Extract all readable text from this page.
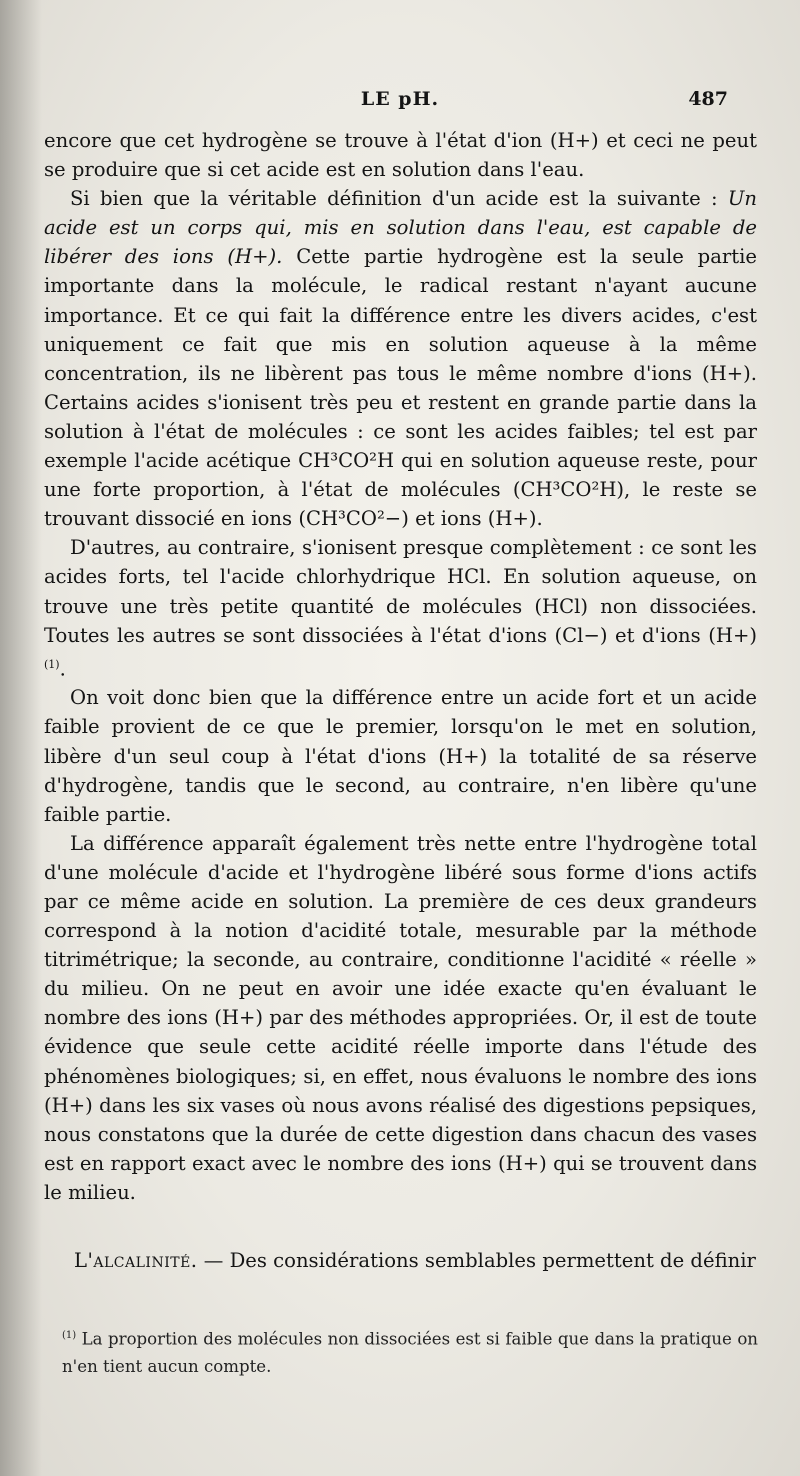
LE pH.	487

encore que cet hydrogène se trouve à l'état d'ion (H+) et ceci ne peut se produire que si cet acide est en solution dans l'eau.

Si bien que la véritable définition d'un acide est la suivante : Un acide est un corps qui, mis en solution dans l'eau, est capable de libérer des ions (H+). Cette partie hydrogène est la seule partie importante dans la molécule, le radical restant n'ayant aucune importance. Et ce qui fait la différence entre les divers acides, c'est uniquement ce fait que mis en solution aqueuse à la même concentration, ils ne libèrent pas tous le même nombre d'ions (H+). Certains acides s'ionisent très peu et restent en grande partie dans la solution à l'état de molécules : ce sont les acides faibles; tel est par exemple l'acide acétique CH³CO²H qui en solution aqueuse reste, pour une forte proportion, à l'état de molécules (CH³CO²H), le reste se trouvant dissocié en ions (CH³CO²−) et ions (H+).

D'autres, au contraire, s'ionisent presque complètement : ce sont les acides forts, tel l'acide chlorhydrique HCl. En solution aqueuse, on trouve une très petite quantité de molécules (HCl) non dissociées. Toutes les autres se sont dissociées à l'état d'ions (Cl−) et d'ions (H+)$^{(1)}$.

On voit donc bien que la différence entre un acide fort et un acide faible provient de ce que le premier, lorsqu'on le met en solution, libère d'un seul coup à l'état d'ions (H+) la totalité de sa réserve d'hydrogène, tandis que le second, au contraire, n'en libère qu'une faible partie.

La différence apparaît également très nette entre l'hydrogène total d'une molécule d'acide et l'hydrogène libéré sous forme d'ions actifs par ce même acide en solution. La première de ces deux grandeurs correspond à la notion d'acidité totale, mesurable par la méthode titrimétrique; la seconde, au contraire, conditionne l'acidité « réelle » du milieu. On ne peut en avoir une idée exacte qu'en évaluant le nombre des ions (H+) par des méthodes appropriées. Or, il est de toute évidence que seule cette acidité réelle importe dans l'étude des phénomènes biologiques; si, en effet, nous évaluons le nombre des ions (H+) dans les six vases où nous avons réalisé des digestions pepsiques, nous constatons que la durée de cette digestion dans chacun des vases est en rapport exact avec le nombre des ions (H+) qui se trouvent dans le milieu.

L'alcalinité. — Des considérations semblables permettent de définir
$^{(1)}$ La proportion des molécules non dissociées est si faible que dans la pratique on n'en tient aucun compte.
